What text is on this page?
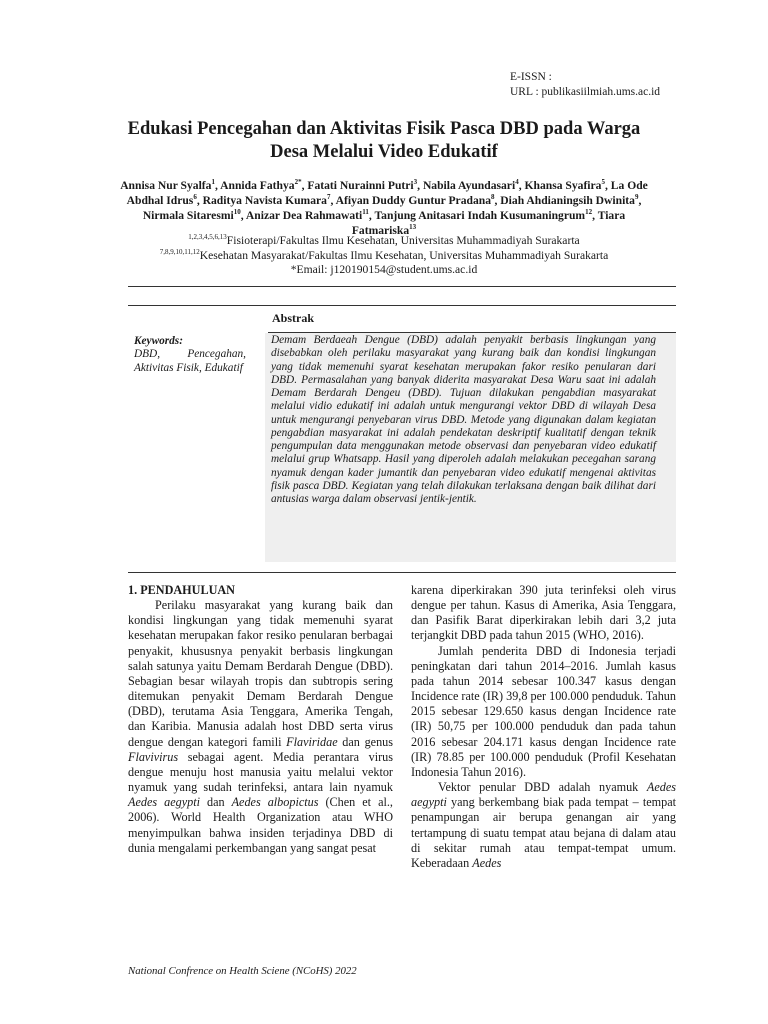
E-ISSN :
URL : publikasiilmiah.ums.ac.id
Edukasi Pencegahan dan Aktivitas Fisik Pasca DBD pada Warga Desa Melalui Video Edukatif
Annisa Nur Syalfa$^1$, Annida Fathya$^{2*}$, Fatati Nurainni Putri$^3$, Nabila Ayundasari$^4$, Khansa Syafira$^5$, La Ode Abdhal Idrus$^6$, Raditya Navista Kumara$^7$, Afiyan Duddy Guntur Pradana$^8$, Diah Ahdianingsih Dwinita$^9$, Nirmala Sitaresmi$^{10}$, Anizar Dea Rahmawati$^{11}$, Tanjung Anitasari Indah Kusumaningrum$^{12}$, Tiara Fatmariska$^{13}$
$^{1,2,3,4,5,6,13}$Fisioterapi/Fakultas Ilmu Kesehatan, Universitas Muhammadiyah Surakarta
$^{7,8,9,10,11,12}$Kesehatan Masyarakat/Fakultas Ilmu Kesehatan, Universitas Muhammadiyah Surakarta
*Email: j120190154@student.ums.ac.id
Abstrak
Keywords:
DBD, Pencegahan, Aktivitas Fisik, Edukatif
Demam Berdaeah Dengue (DBD) adalah penyakit berbasis lingkungan yang disebabkan oleh perilaku masyarakat yang kurang baik dan kondisi lingkungan yang tidak memenuhi syarat kesehatan merupakan fakor resiko penularan dari DBD. Permasalahan yang banyak diderita masyarakat Desa Waru saat ini adalah Demam Berdarah Dengeu (DBD). Tujuan dilakukan pengabdian masyarakat melalui vidio edukatif ini adalah untuk mengurangi vektor DBD di wilayah Desa untuk mengurangi penyebaran virus DBD. Metode yang digunakan dalam kegiatan pengabdian masyarakat ini adalah pendekatan deskriptif kualitatif dengan teknik pengumpulan data menggunakan metode observasi dan penyebaran video edukatif melalui grup Whatsapp. Hasil yang diperoleh adalah melakukan pecegahan sarang nyamuk dengan kader jumantik dan penyebaran video edukatif mengenai aktivitas fisik pasca DBD. Kegiatan yang telah dilakukan terlaksana dengan baik dilihat dari antusias warga dalam observasi jentik-jentik.
1. PENDAHULUAN

Perilaku masyarakat yang kurang baik dan kondisi lingkungan yang tidak memenuhi syarat kesehatan merupakan fakor resiko penularan berbagai penyakit, khususnya penyakit berbasis lingkungan salah satunya yaitu Demam Berdarah Dengue (DBD). Sebagian besar wilayah tropis dan subtropis sering ditemukan penyakit Demam Berdarah Dengue (DBD), terutama Asia Tenggara, Amerika Tengah, dan Karibia. Manusia adalah host DBD serta virus dengue dengan kategori famili Flaviridae dan genus Flavivirus sebagai agent. Media perantara virus dengue menuju host manusia yaitu melalui vektor nyamuk yang sudah terinfeksi, antara lain nyamuk Aedes aegypti dan Aedes albopictus (Chen et al., 2006). World Health Organization atau WHO menyimpulkan bahwa insiden terjadinya DBD di dunia mengalami perkembangan yang sangat pesat

karena diperkirakan 390 juta terinfeksi oleh virus dengue per tahun. Kasus di Amerika, Asia Tenggara, dan Pasifik Barat diperkirakan lebih dari 3,2 juta terjangkit DBD pada tahun 2015 (WHO, 2016).

Jumlah penderita DBD di Indonesia terjadi peningkatan dari tahun 2014–2016. Jumlah kasus pada tahun 2014 sebesar 100.347 kasus dengan Incidence rate (IR) 39,8 per 100.000 penduduk. Tahun 2015 sebesar 129.650 kasus dengan Incidence rate (IR) 50,75 per 100.000 penduduk dan pada tahun 2016 sebesar 204.171 kasus dengan Incidence rate (IR) 78.85 per 100.000 penduduk (Profil Kesehatan Indonesia Tahun 2016).

Vektor penular DBD adalah nyamuk Aedes aegypti yang berkembang biak pada tempat – tempat penampungan air berupa genangan air yang tertampung di suatu tempat atau bejana di dalam atau di sekitar rumah atau tempat-tempat umum. Keberadaan Aedes

National Confrence on Health Sciene (NCoHS) 2022
